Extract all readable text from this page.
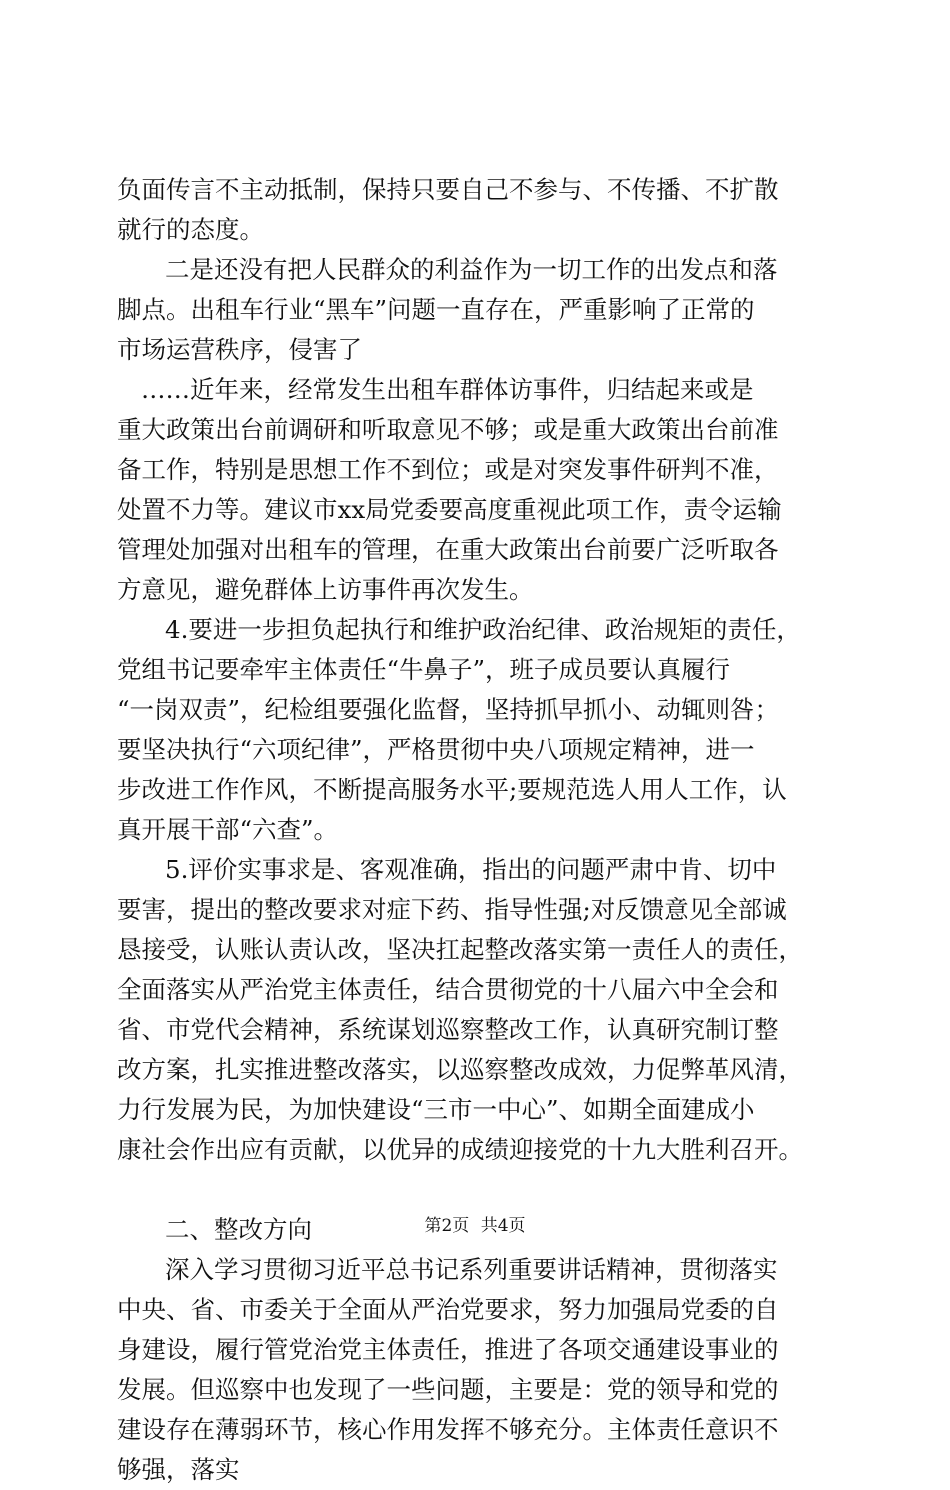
负面传言不主动抵制，保持只要自己不参与、不传播、不扩散
就行的态度。
二是还没有把人民群众的利益作为一切工作的出发点和落
脚点。出租车行业“黑车”问题一直存在，严重影响了正常的
市场运营秩序，侵害了
……近年来，经常发生出租车群体访事件，归结起来或是
重大政策出台前调研和听取意见不够；或是重大政策出台前准
备工作，特别是思想工作不到位；或是对突发事件研判不准，
处置不力等。建议市xx局党委要高度重视此项工作，责令运输
管理处加强对出租车的管理，在重大政策出台前要广泛听取各
方意见，避免群体上访事件再次发生。
4.要进一步担负起执行和维护政治纪律、政治规矩的责任，
党组书记要牵牢主体责任“牛鼻子”，班子成员要认真履行
“一岗双责”，纪检组要强化监督，坚持抓早抓小、动辄则咎；
要坚决执行“六项纪律”，严格贯彻中央八项规定精神，进一
步改进工作作风，不断提高服务水平;要规范选人用人工作，认
真开展干部“六查”。
5.评价实事求是、客观准确，指出的问题严肃中肯、切中
要害，提出的整改要求对症下药、指导性强;对反馈意见全部诚
恳接受，认账认责认改，坚决扛起整改落实第一责任人的责任，
全面落实从严治党主体责任，结合贯彻党的十八届六中全会和
省、市党代会精神，系统谋划巡察整改工作，认真研究制订整
改方案，扎实推进整改落实，以巡察整改成效，力促弊革风清，
力行发展为民，为加快建设“三市一中心”、如期全面建成小
康社会作出应有贡献，以优异的成绩迎接党的十九大胜利召开。
二、整改方向
深入学习贯彻习近平总书记系列重要讲话精神，贯彻落实
中央、省、市委关于全面从严治党要求，努力加强局党委的自
身建设，履行管党治党主体责任，推进了各项交通建设事业的
发展。但巡察中也发现了一些问题，主要是：党的领导和党的
建设存在薄弱环节，核心作用发挥不够充分。主体责任意识不
够强，落实
第2页 共4页
